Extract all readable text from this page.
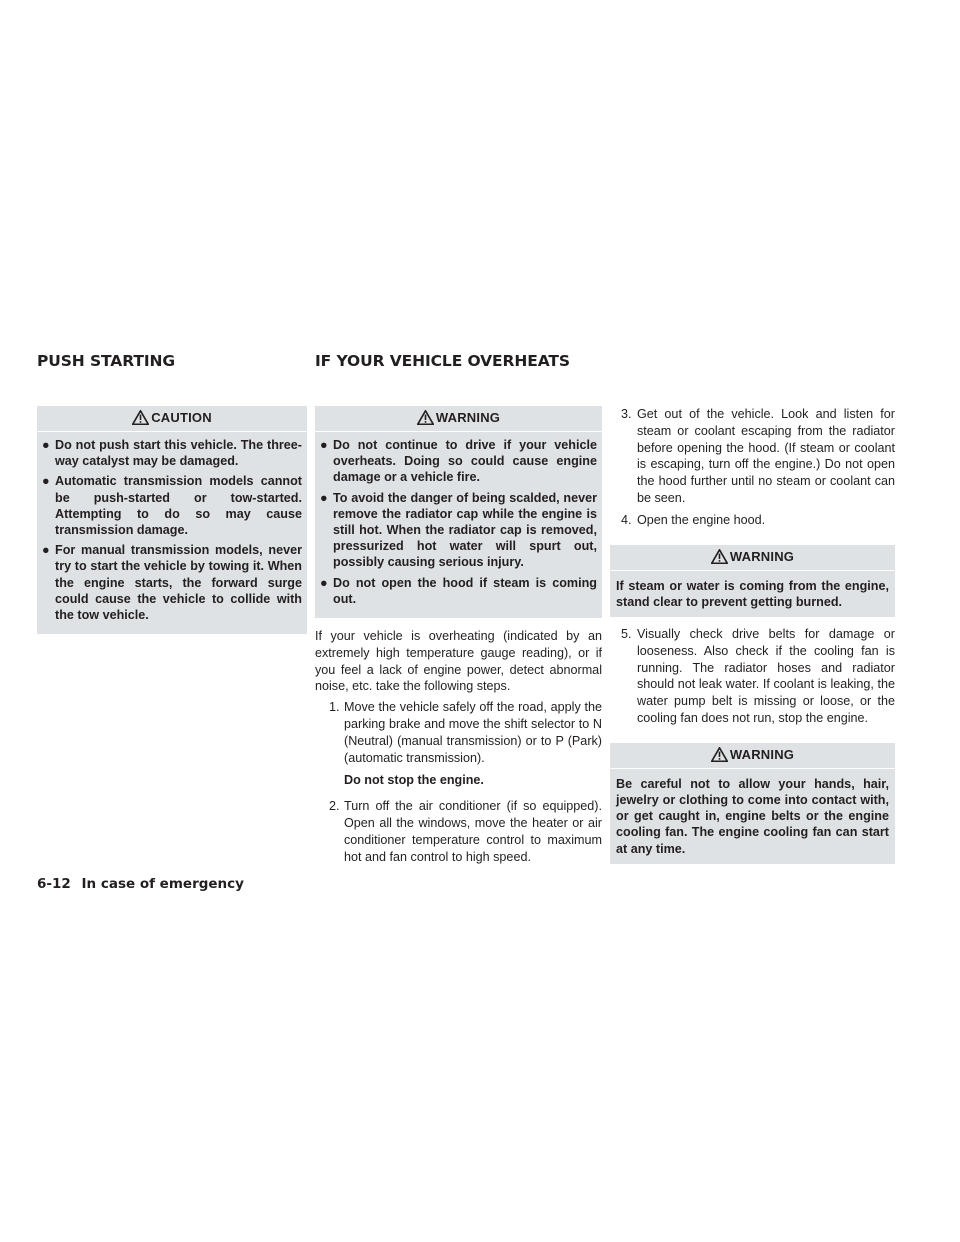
PUSH STARTING	IF YOUR VEHICLE OVERHEATS
CAUTION
● Do not push start this vehicle. The three-way catalyst may be damaged.
● Automatic transmission models cannot be push-started or tow-started. Attempting to do so may cause transmission damage.
● For manual transmission models, never try to start the vehicle by towing it. When the engine starts, the forward surge could cause the vehicle to collide with the tow vehicle.
WARNING
● Do not continue to drive if your vehicle overheats. Doing so could cause engine damage or a vehicle fire.
● To avoid the danger of being scalded, never remove the radiator cap while the engine is still hot. When the radiator cap is removed, pressurized hot water will spurt out, possibly causing serious injury.
● Do not open the hood if steam is coming out.

If your vehicle is overheating (indicated by an extremely high temperature gauge reading), or if you feel a lack of engine power, detect abnormal noise, etc. take the following steps.

1. Move the vehicle safely off the road, apply the parking brake and move the shift selector to N (Neutral) (manual transmission) or to P (Park) (automatic transmission).
Do not stop the engine.
2. Turn off the air conditioner (if so equipped). Open all the windows, move the heater or air conditioner temperature control to maximum hot and fan control to high speed.
3. Get out of the vehicle. Look and listen for steam or coolant escaping from the radiator before opening the hood. (If steam or coolant is escaping, turn off the engine.) Do not open the hood further until no steam or coolant can be seen.
4. Open the engine hood.
WARNING
If steam or water is coming from the engine, stand clear to prevent getting burned.
5. Visually check drive belts for damage or looseness. Also check if the cooling fan is running. The radiator hoses and radiator should not leak water. If coolant is leaking, the water pump belt is missing or loose, or the cooling fan does not run, stop the engine.
WARNING
Be careful not to allow your hands, hair, jewelry or clothing to come into contact with, or get caught in, engine belts or the engine cooling fan. The engine cooling fan can start at any time.
6-12 In case of emergency
